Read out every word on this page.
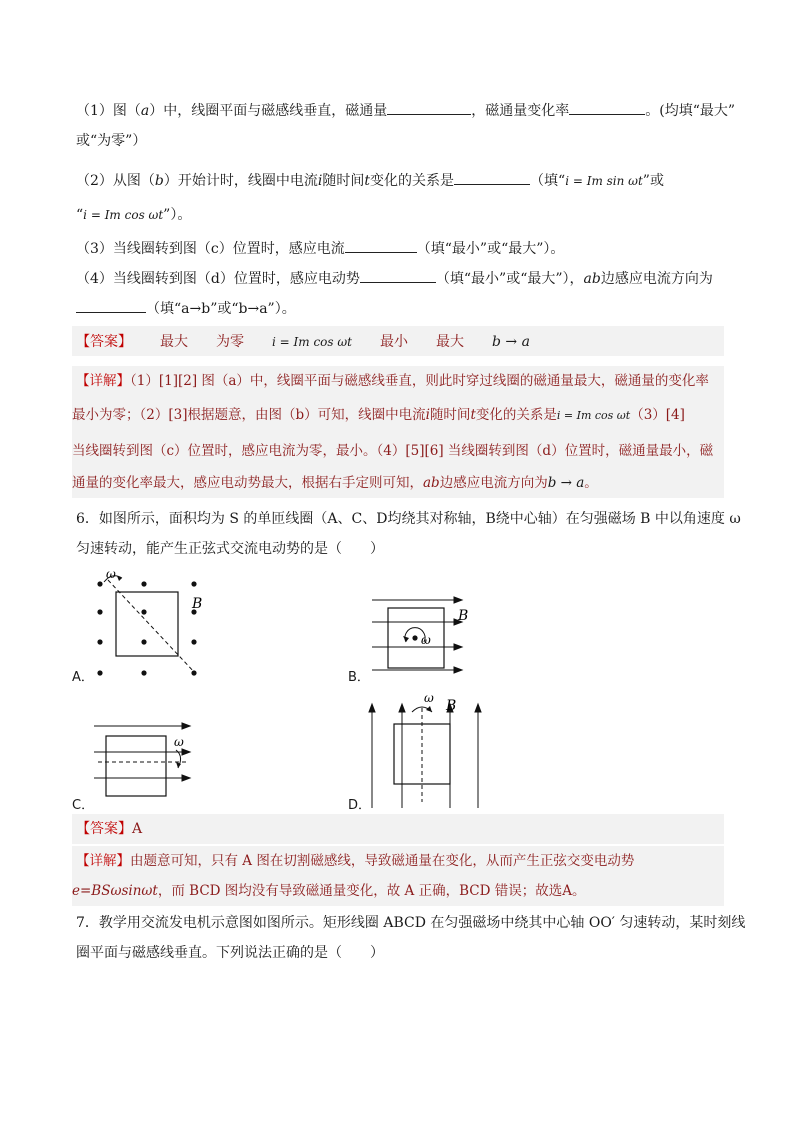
（1）图（a）中，线圈平面与磁感线垂直，磁通量	，磁通量变化率	。(均填“最大”
或“为零”）
（2）从图（b）开始计时，线圈中电流i随时间t变化的关系是	（填“i = Im sin ωt”或
“i = Im cos ωt”）。
（3）当线圈转到图（c）位置时，感应电流	（填“最小”或“最大”）。
（4）当线圈转到图（d）位置时，感应电动势	（填“最小”或“最大”），ab边感应电流方向为
（填“a→b”或“b→a”）。
【答案】 最大 为零 i = Im cos ωt 最小 最大 b → a
【详解】（1）[1][2] 图（a）中，线圈平面与磁感线垂直，则此时穿过线圈的磁通量最大，磁通量的变化率
最小为零；（2）[3]根据题意，由图（b）可知，线圈中电流i随时间t变化的关系是i = Im cos ωt（3）[4]
当线圈转到图（c）位置时，感应电流为零，最小。（4）[5][6] 当线圈转到图（d）位置时，磁通量最小，磁
通量的变化率最大，感应电动势最大，根据右手定则可知，ab边感应电流方向为b → a。
6．如图所示，面积均为 S 的单匝线圈（A、C、D均绕其对称轴，B绕中心轴）在匀强磁场 B 中以角速度 ω
匀速转动，能产生正弦式交流电动势的是（　　）
A．
ω
B
B．
ω
B
C．
ω
D．
ω B
【答案】A
【详解】由题意可知，只有 A 图在切割磁感线，导致磁通量在变化，从而产生正弦交变电动势
e=BSωsinωt，而 BCD 图均没有导致磁通量变化，故 A 正确，BCD 错误；故选A。
7．教学用交流发电机示意图如图所示。矩形线圈 ABCD 在匀强磁场中绕其中心轴 OO′ 匀速转动，某时刻线
圈平面与磁感线垂直。下列说法正确的是（　　）
